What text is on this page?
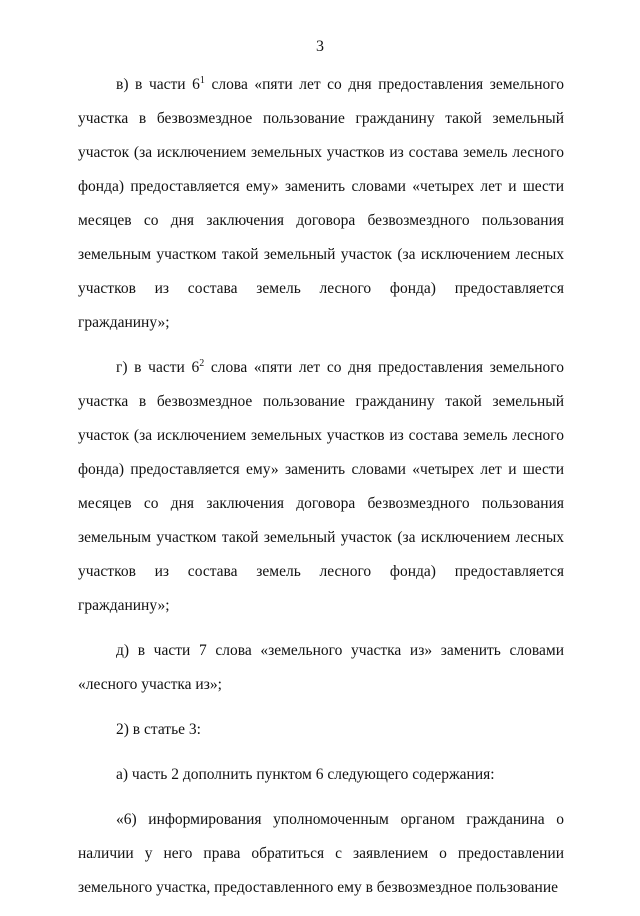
3

в) в части $6^1$ слова «пяти лет со дня предоставления земельного участка в безвозмездное пользование гражданину такой земельный участок (за исключением земельных участков из состава земель лесного фонда) предоставляется ему» заменить словами «четырех лет и шести месяцев со дня заключения договора безвозмездного пользования земельным участком такой земельный участок (за исключением лесных участков из состава земель лесного фонда) предоставляется гражданину»;

г) в части $6^2$ слова «пяти лет со дня предоставления земельного участка в безвозмездное пользование гражданину такой земельный участок (за исключением земельных участков из состава земель лесного фонда) предоставляется ему» заменить словами «четырех лет и шести месяцев со дня заключения договора безвозмездного пользования земельным участком такой земельный участок (за исключением лесных участков из состава земель лесного фонда) предоставляется гражданину»;

д) в части 7 слова «земельного участка из» заменить словами «лесного участка из»;

2) в статье 3:

а) часть 2 дополнить пунктом 6 следующего содержания:

«6) информирования уполномоченным органом гражданина о наличии у него права обратиться с заявлением о предоставлении земельного участка, предоставленного ему в безвозмездное пользование
